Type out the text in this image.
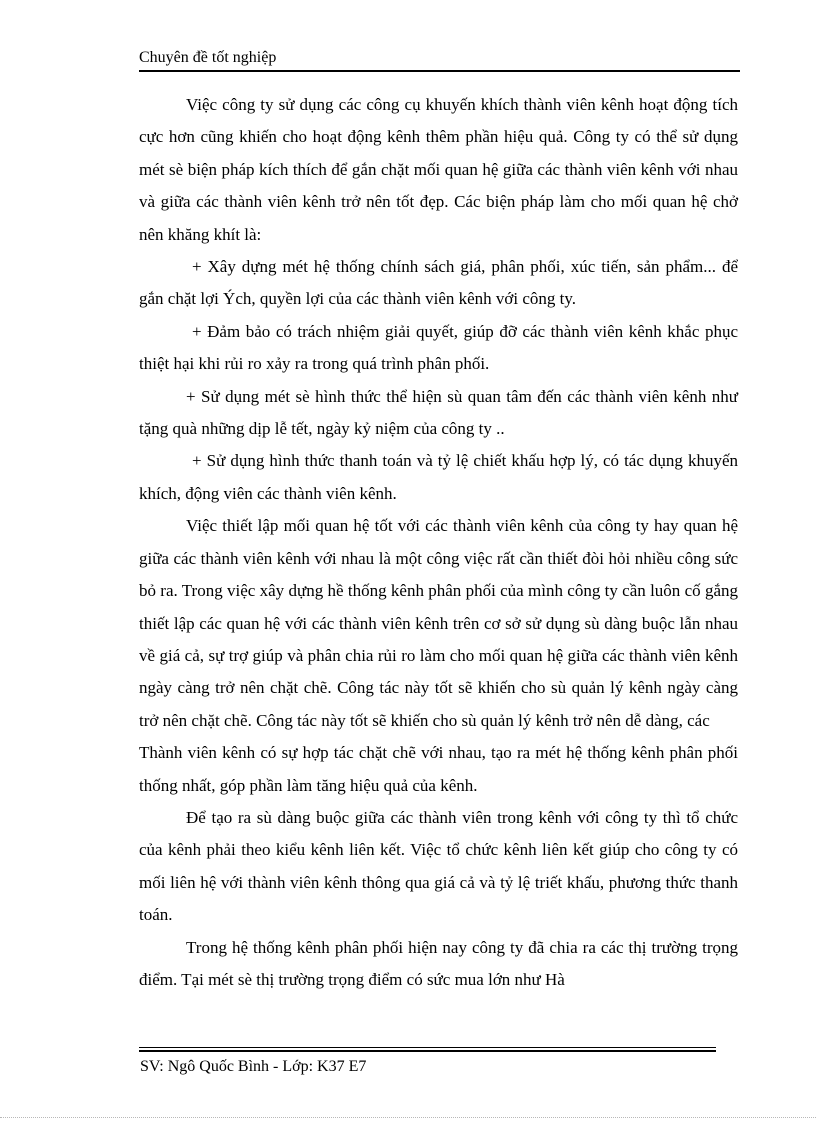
Chuyên đề tốt nghiệp

Việc công ty sử dụng các công cụ khuyến khích thành viên kênh hoạt động tích cực hơn cũng khiến cho hoạt động kênh thêm phần hiệu quả. Công ty có thể sử dụng mét sè biện pháp kích thích để gắn chặt mối quan hệ giữa các thành viên kênh với nhau và giữa các thành viên kênh trở nên tốt đẹp. Các biện pháp làm cho mối quan hệ chở nên khăng khít là:

+ Xây dựng mét hệ thống chính sách giá, phân phối, xúc tiến, sản phẩm... để gắn chặt lợi Ých, quyền lợi của các thành viên kênh với công ty.

+ Đảm bảo có trách nhiệm giải quyết, giúp đỡ các thành viên kênh khắc phục thiệt hại khi rủi ro xảy ra trong quá trình phân phối.

+ Sử dụng mét sè hình thức thể hiện sù quan tâm đến các thành viên kênh như tặng quà những dịp lễ tết, ngày kỷ niệm của công ty ..

+ Sử dụng hình thức thanh toán và tỷ lệ chiết khấu hợp lý, có tác dụng khuyến khích, động viên các thành viên kênh.

Việc thiết lập mối quan hệ tốt với các thành viên kênh của công ty hay quan hệ giữa các thành viên kênh với nhau là một công việc rất cần thiết đòi hỏi nhiều công sức bỏ ra. Trong việc xây dựng hề thống kênh phân phối của mình công ty cần luôn cố gắng thiết lập các quan hệ với các thành viên kênh trên cơ sở sử dụng sù dàng buộc lẫn nhau về giá cả, sự trợ giúp và phân chia rủi ro làm cho mối quan hệ giữa các thành viên kênh ngày càng trở nên chặt chẽ. Công tác này tốt sẽ khiến cho sù quản lý kênh ngày càng trở nên chặt chẽ. Công tác này tốt sẽ khiến cho sù quản lý kênh trở nên dễ dàng, các

Thành viên kênh có sự hợp tác chặt chẽ với nhau, tạo ra mét hệ thống kênh phân phối thống nhất, góp phần làm tăng hiệu quả của kênh.

Để tạo ra sù dàng buộc giữa các thành viên trong kênh với công ty thì tổ chức của kênh phải theo kiểu kênh liên kết. Việc tổ chức kênh liên kết giúp cho công ty có mối liên hệ với thành viên kênh thông qua giá cả và tỷ lệ triết khấu, phương thức thanh toán.

Trong hệ thống kênh phân phối hiện nay công ty đã chia ra các thị trường trọng điểm. Tại mét sè thị trường trọng điểm có sức mua lớn như Hà

SV: Ngô Quốc Bình - Lớp: K37 E7
